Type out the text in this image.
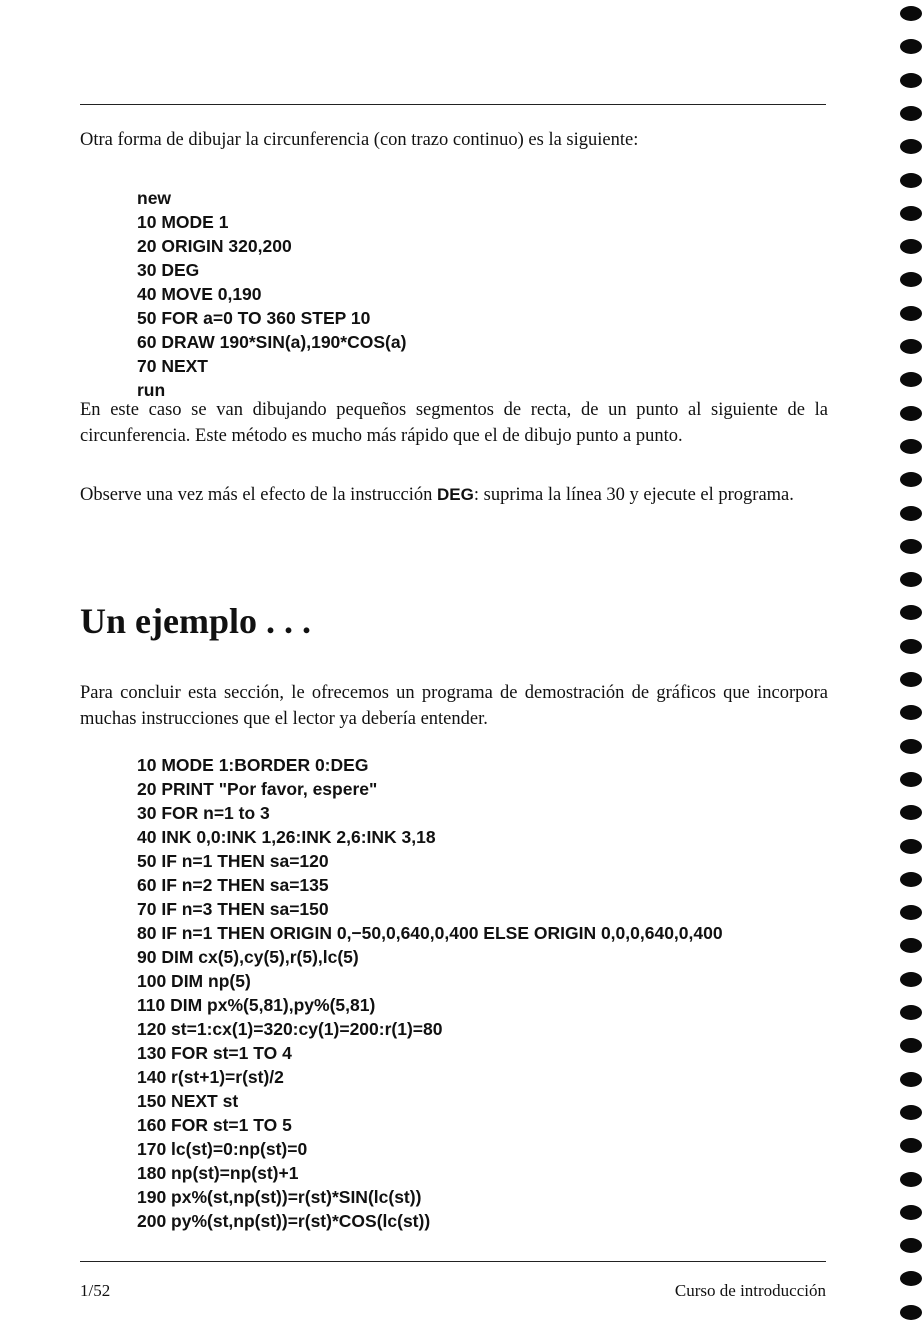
Otra forma de dibujar la circunferencia (con trazo continuo) es la siguiente:

new
10 MODE 1
20 ORIGIN 320,200
30 DEG
40 MOVE 0,190
50 FOR a=0 TO 360 STEP 10
60 DRAW 190*SIN(a),190*COS(a)
70 NEXT
run

En este caso se van dibujando pequeños segmentos de recta, de un punto al siguiente de la circunferencia. Este método es mucho más rápido que el de dibujo punto a punto.

Observe una vez más el efecto de la instrucción DEG: suprima la línea 30 y ejecute el programa.

Un ejemplo . . .

Para concluir esta sección, le ofrecemos un programa de demostración de gráficos que incorpora muchas instrucciones que el lector ya debería entender.

10 MODE 1:BORDER 0:DEG
20 PRINT "Por favor, espere"
30 FOR n=1 to 3
40 INK 0,0:INK 1,26:INK 2,6:INK 3,18
50 IF n=1 THEN sa=120
60 IF n=2 THEN sa=135
70 IF n=3 THEN sa=150
80 IF n=1 THEN ORIGIN 0,−50,0,640,0,400 ELSE ORIGIN 0,0,0,640,0,400
90 DIM cx(5),cy(5),r(5),lc(5)
100 DIM np(5)
110 DIM px%(5,81),py%(5,81)
120 st=1:cx(1)=320:cy(1)=200:r(1)=80
130 FOR st=1 TO 4
140 r(st+1)=r(st)/2
150 NEXT st
160 FOR st=1 TO 5
170 lc(st)=0:np(st)=0
180 np(st)=np(st)+1
190 px%(st,np(st))=r(st)*SIN(lc(st))
200 py%(st,np(st))=r(st)*COS(lc(st))
1/52	Curso de introducción
